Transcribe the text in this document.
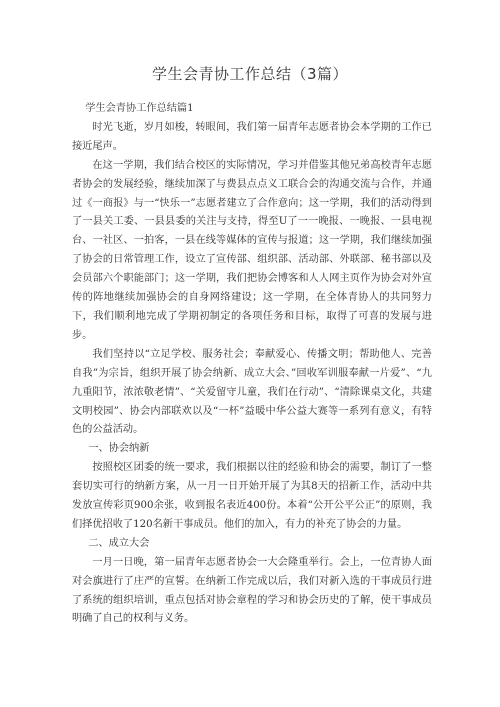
学生会青协工作总结（3篇）

学生会青协工作总结篇1

时光飞逝，岁月如梭，转眼间，我们第一届青年志愿者协会本学期的工作已接近尾声。

在这一学期，我们结合校区的实际情况，学习并借鉴其他兄弟高校青年志愿者协会的发展经验，继续加深了与费县点点义工联合会的沟通交流与合作，并通过《一商报》与一“快乐一”志愿者建立了合作意向；这一学期，我们的活动得到了一县关工委、一县县委的关注与支持，得至U了一一晚报、一晚报、一县电视台、一社区、一拍客，一县在线等媒体的宣传与报道；这一学期，我们继续加强了协会的日常管理工作，设立了宣传部、组织部、活动部、外联部、秘书部以及会员部六个职能部门；这一学期，我们把协会博客和人人网主页作为协会对外宣传的阵地继续加强协会的自身网络建设；这一学期，在全体青协人的共同努力下，我们顺利地完成了学期初制定的各项任务和目标，取得了可喜的发展与进步。

我们坚持以“立足学校、服务社会；奉献爱心、传播文明；帮助他人、完善自我”为宗旨，组织开展了协会纳新、成立大会、”回收军训服奉献一片爱”、“九九重阳节，浓浓敬老情”、“关爱留守儿童，我们在行动”、“清除课桌文化，共建文明校园”、协会内部联欢以及“一杯”益暖中华公益大赛等一系列有意义，有特色的公益活动。

一、协会纳新

按照校区团委的统一要求，我们根据以往的经验和协会的需要，制订了一整套切实可行的纳新方案，从一月一日开始开展了为其8天的招新工作，活动中共发放宣传彩页900余张，收到报名表近400份。本着“公开公平公正”的原则，我们择优招收了120名新干事成员。他们的加入，有力的补充了协会的力量。

二、成立大会

一月一日晚，第一届青年志愿者协会一大会隆重举行。会上，一位青协人面对会旗进行了庄严的宣誓。在纳新工作完成以后，我们对新入选的干事成员行进了系统的组织培训，重点包括对协会章程的学习和协会历史的了解，使干事成员明确了自己的权利与义务。
